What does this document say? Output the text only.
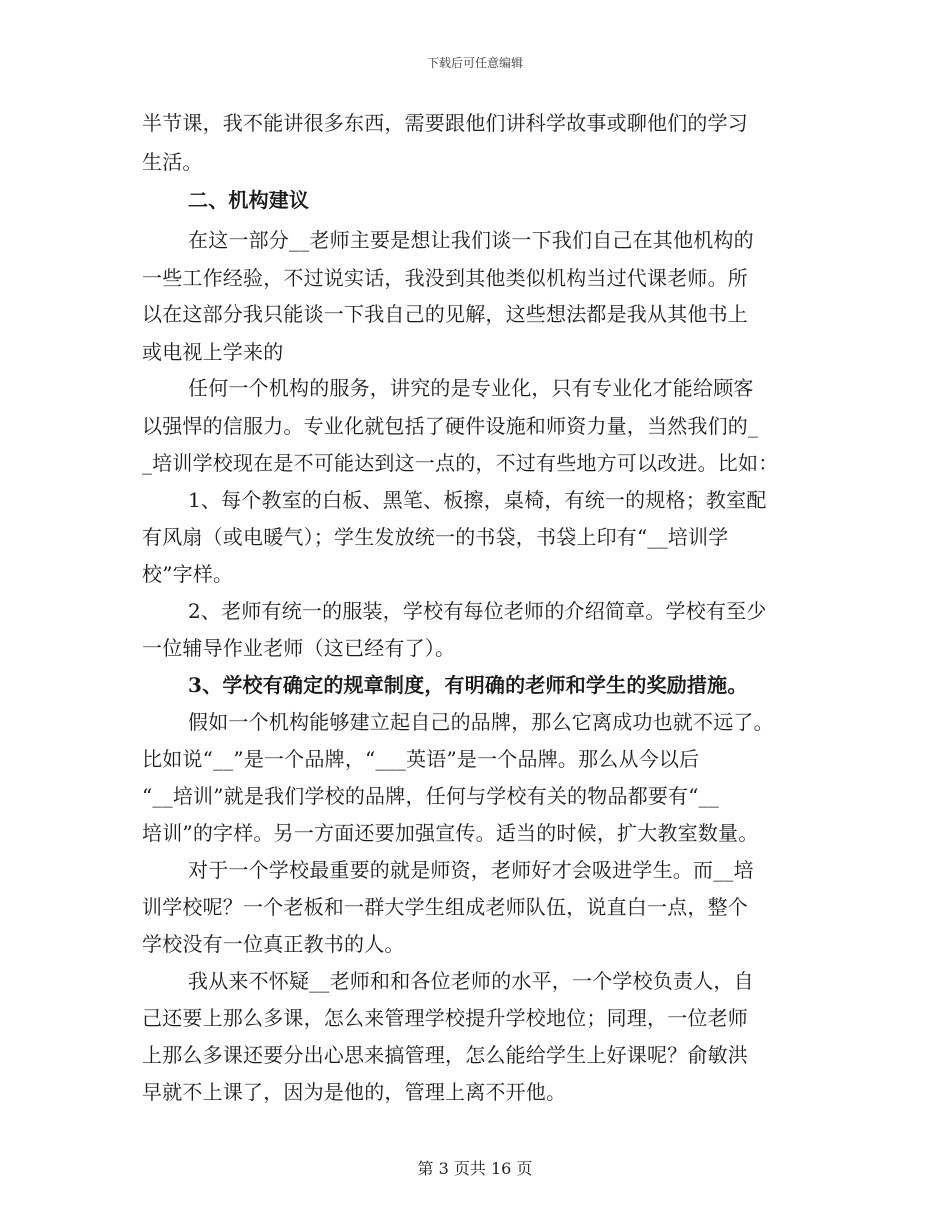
下载后可任意编辑
半节课，我不能讲很多东西，需要跟他们讲科学故事或聊他们的学习
生活。
二、机构建议
在这一部分__老师主要是想让我们谈一下我们自己在其他机构的
一些工作经验，不过说实话，我没到其他类似机构当过代课老师。所
以在这部分我只能谈一下我自己的见解，这些想法都是我从其他书上
或电视上学来的
任何一个机构的服务，讲究的是专业化，只有专业化才能给顾客
以强悍的信服力。专业化就包括了硬件设施和师资力量，当然我们的_
_培训学校现在是不可能达到这一点的，不过有些地方可以改进。比如：
1、每个教室的白板、黑笔、板擦，桌椅，有统一的规格；教室配
有风扇（或电暖气）；学生发放统一的书袋，书袋上印有“__培训学
校”字样。
2、老师有统一的服装，学校有每位老师的介绍简章。学校有至少
一位辅导作业老师（这已经有了）。
3、学校有确定的规章制度，有明确的老师和学生的奖励措施。
假如一个机构能够建立起自己的品牌，那么它离成功也就不远了。
比如说“__”是一个品牌，“___英语”是一个品牌。那么从今以后
“__培训”就是我们学校的品牌，任何与学校有关的物品都要有“__
培训”的字样。另一方面还要加强宣传。适当的时候，扩大教室数量。
对于一个学校最重要的就是师资，老师好才会吸进学生。而__培
训学校呢？一个老板和一群大学生组成老师队伍，说直白一点，整个
学校没有一位真正教书的人。
我从来不怀疑__老师和和各位老师的水平，一个学校负责人，自
己还要上那么多课，怎么来管理学校提升学校地位；同理，一位老师
上那么多课还要分出心思来搞管理，怎么能给学生上好课呢？俞敏洪
早就不上课了，因为是他的，管理上离不开他。
第 3 页共 16 页
